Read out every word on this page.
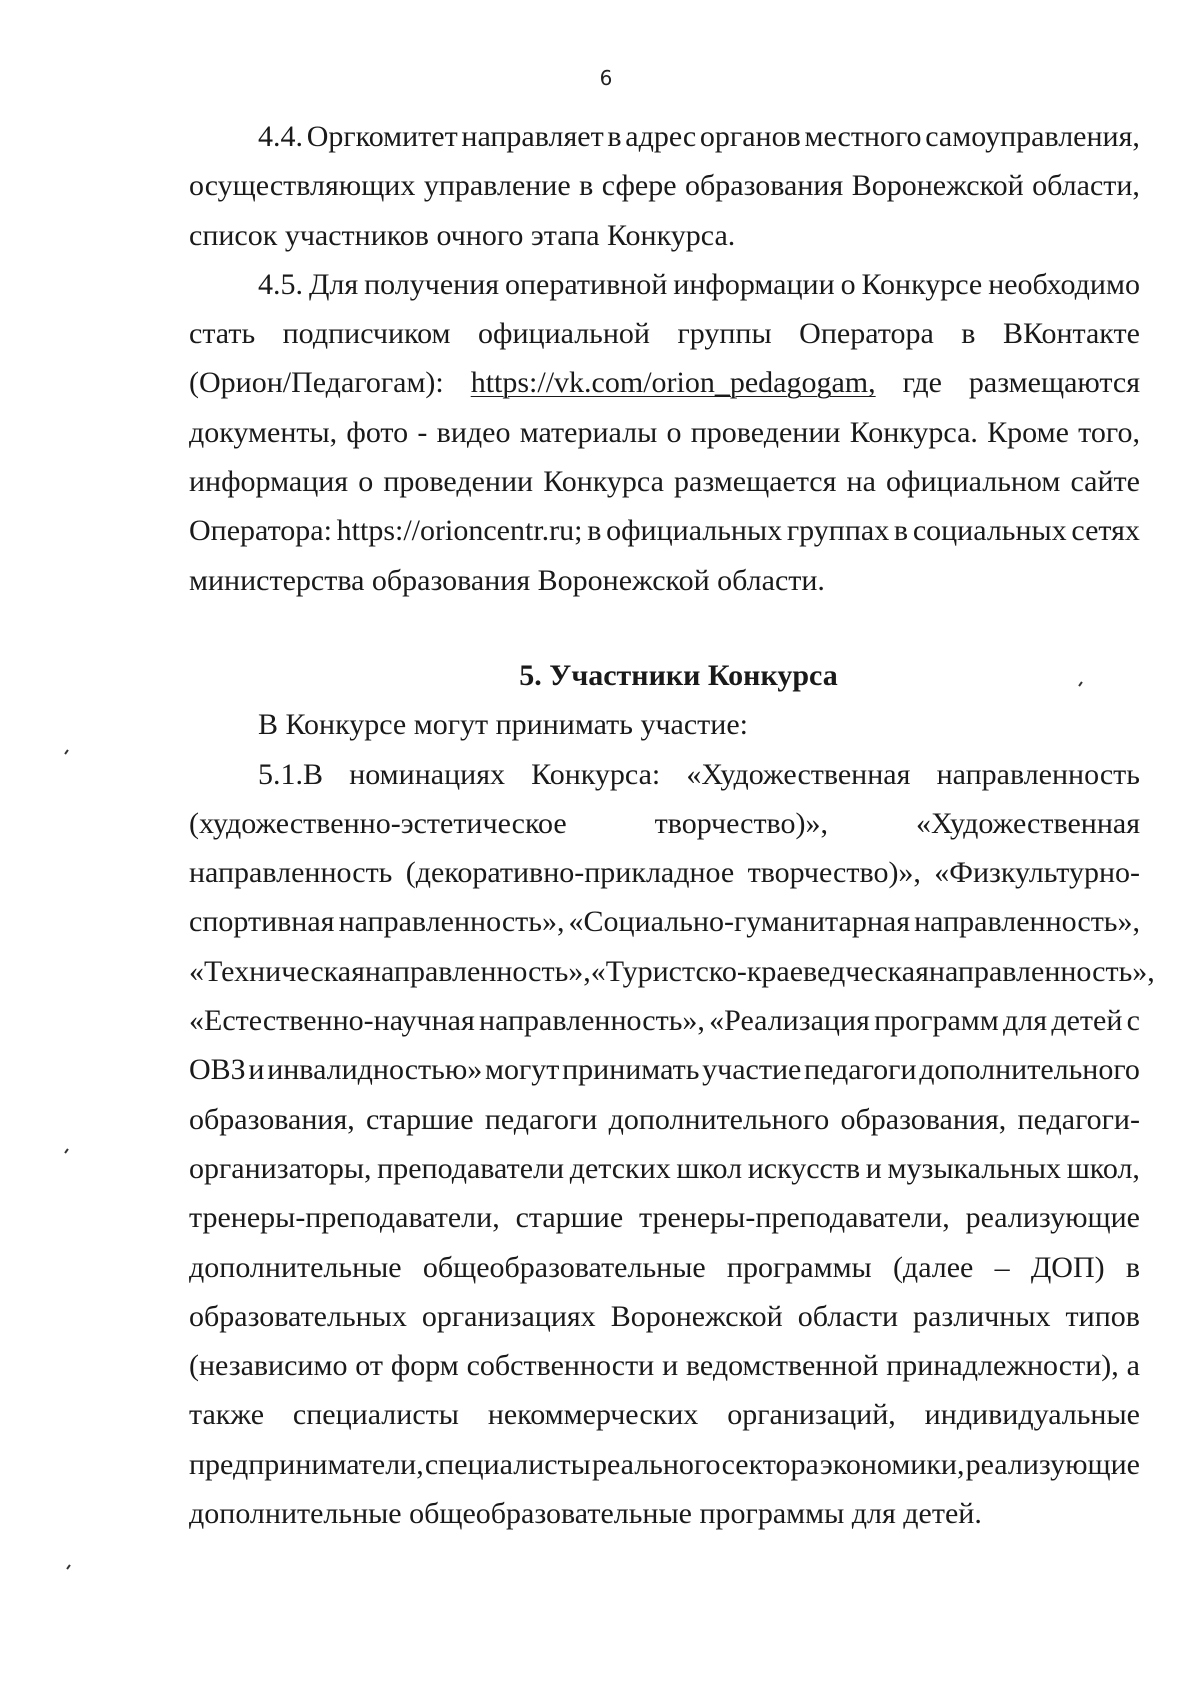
6
4.4. Оргкомитет направляет в адрес органов местного самоуправления,
осуществляющих управление в сфере образования Воронежской области,
список участников очного этапа Конкурса.
4.5. Для получения оперативной информации о Конкурсе необходимо
стать подписчиком официальной группы Оператора в ВКонтакте
(Орион/Педагогам): https://vk.com/orion_pedagogam, где размещаются
документы, фото - видео материалы о проведении Конкурса. Кроме того,
информация о проведении Конкурса размещается на официальном сайте
Оператора: https://orioncentr.ru; в официальных группах в социальных сетях
министерства образования Воронежской области.
5. Участники Конкурса
В Конкурсе могут принимать участие:
5.1.В номинациях Конкурса: «Художественная направленность
(художественно-эстетическое	творчество)»,	«Художественная
направленность (декоративно-прикладное творчество)», «Физкультурно-
спортивная направленность», «Социально-гуманитарная направленность»,
«Техническая направленность», «Туристско-краеведческая направленность»,
«Естественно-научная направленность», «Реализация программ для детей с
ОВЗ и инвалидностью» могут принимать участие педагоги дополнительного
образования, старшие педагоги дополнительного образования, педагоги-
организаторы, преподаватели детских школ искусств и музыкальных школ,
тренеры-преподаватели, старшие тренеры-преподаватели, реализующие
дополнительные общеобразовательные программы (далее – ДОП) в
образовательных организациях Воронежской области различных типов
(независимо от форм собственности и ведомственной принадлежности), а
также специалисты некоммерческих организаций, индивидуальные
предприниматели, специалисты реального сектора экономики, реализующие
дополнительные общеобразовательные программы для детей.
